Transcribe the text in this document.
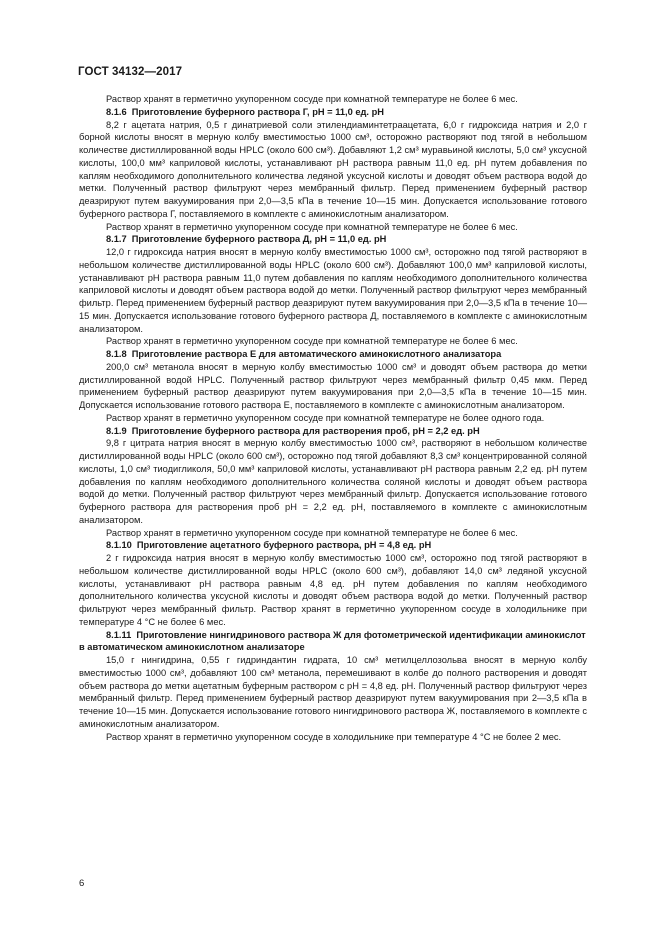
ГОСТ 34132—2017

Раствор хранят в герметично укупоренном сосуде при комнатной температуре не более 6 мес.

8.1.6 Приготовление буферного раствора Г, рН = 11,0 ед. рН

8,2 г ацетата натрия, 0,5 г динатриевой соли этилендиаминтетраацетата, 6,0 г гидроксида натрия и 2,0 г борной кислоты вносят в мерную колбу вместимостью 1000 см³, осторожно растворяют под тягой в небольшом количестве дистиллированной воды HPLC (около 600 см³). Добавляют 1,2 см³ муравьиной кислоты, 5,0 см³ уксусной кислоты, 100,0 мм³ каприловой кислоты, устанавливают рН раствора равным 11,0 ед. рН путем добавления по каплям необходимого дополнительного количества ледяной уксусной кислоты и доводят объем раствора водой до метки. Полученный раствор фильтруют через мембранный фильтр. Перед применением буферный раствор деазрируют путем вакуумирования при 2,0—3,5 кПа в течение 10—15 мин. Допускается использование готового буферного раствора Г, поставляемого в комплекте с аминокислотным анализатором.

Раствор хранят в герметично укупоренном сосуде при комнатной температуре не более 6 мес.

8.1.7 Приготовление буферного раствора Д, рН = 11,0 ед. рН

12,0 г гидроксида натрия вносят в мерную колбу вместимостью 1000 см³, осторожно под тягой растворяют в небольшом количестве дистиллированной воды HPLC (около 600 см³). Добавляют 100,0 мм³ каприловой кислоты, устанавливают рН раствора равным 11,0 путем добавления по каплям необходимого дополнительного количества каприловой кислоты и доводят объем раствора водой до метки. Полученный раствор фильтруют через мембранный фильтр. Перед применением буферный раствор деазрируют путем вакуумирования при 2,0—3,5 кПа в течение 10—15 мин. Допускается использование готового буферного раствора Д, поставляемого в комплекте с аминокислотным анализатором.

Раствор хранят в герметично укупоренном сосуде при комнатной температуре не более 6 мес.

8.1.8 Приготовление раствора Е для автоматического аминокислотного анализатора

200,0 см³ метанола вносят в мерную колбу вместимостью 1000 см³ и доводят объем раствора до метки дистиллированной водой HPLC. Полученный раствор фильтруют через мембранный фильтр 0,45 мкм. Перед применением буферный раствор деазрируют путем вакуумирования при 2,0—3,5 кПа в течение 10—15 мин. Допускается использование готового раствора Е, поставляемого в комплекте с аминокислотным анализатором.

Раствор хранят в герметично укупоренном сосуде при комнатной температуре не более одного года.

8.1.9 Приготовление буферного раствора для растворения проб, рН = 2,2 ед. рН

9,8 г цитрата натрия вносят в мерную колбу вместимостью 1000 см³, растворяют в небольшом количестве дистиллированной воды HPLC (около 600 см³), осторожно под тягой добавляют 8,3 см³ концентрированной соляной кислоты, 1,0 см³ тиодигликоля, 50,0 мм³ каприловой кислоты, устанавливают рН раствора равным 2,2 ед. рН путем добавления по каплям необходимого дополнительного количества соляной кислоты и доводят объем раствора водой до метки. Полученный раствор фильтруют через мембранный фильтр. Допускается использование готового буферного раствора для растворения проб рН = 2,2 ед. рН, поставляемого в комплекте с аминокислотным анализатором.

Раствор хранят в герметично укупоренном сосуде при комнатной температуре не более 6 мес.

8.1.10 Приготовление ацетатного буферного раствора, рН = 4,8 ед. рН

2 г гидроксида натрия вносят в мерную колбу вместимостью 1000 см³, осторожно под тягой растворяют в небольшом количестве дистиллированной воды HPLC (около 600 см³), добавляют 14,0 см³ ледяной уксусной кислоты, устанавливают рН раствора равным 4,8 ед. рН путем добавления по каплям необходимого дополнительного количества уксусной кислоты и доводят объем раствора водой до метки. Полученный раствор фильтруют через мембранный фильтр. Раствор хранят в герметично укупоренном сосуде в холодильнике при температуре 4 °С не более 6 мес.

8.1.11 Приготовление нингидринового раствора Ж для фотометрической идентификации аминокислот в автоматическом аминокислотном анализаторе

15,0 г нингидрина, 0,55 г гидриндантин гидрата, 10 см³ метилцеллозольва вносят в мерную колбу вместимостью 1000 см³, добавляют 100 см³ метанола, перемешивают в колбе до полного растворения и доводят объем раствора до метки ацетатным буферным раствором с рН = 4,8 ед. рН. Полученный раствор фильтруют через мембранный фильтр. Перед применением буферный раствор деазрируют путем вакуумирования при 2—3,5 кПа в течение 10—15 мин. Допускается использование готового нингидринового раствора Ж, поставляемого в комплекте с аминокислотным анализатором.

Раствор хранят в герметично укупоренном сосуде в холодильнике при температуре 4 °С не более 2 мес.

6
